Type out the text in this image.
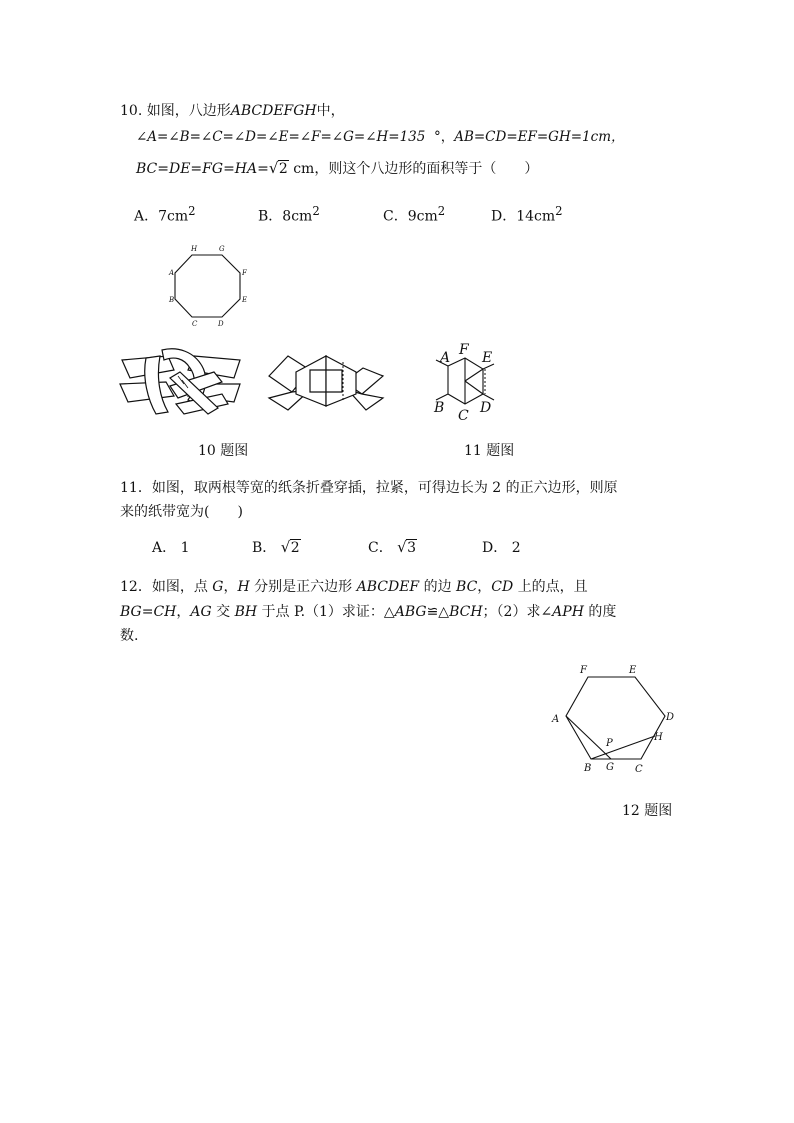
10. 如图，八边形ABCDEFGH中，
∠A=∠B=∠C=∠D=∠E=∠F=∠G=∠H=135 °，AB=CD=EF=GH=1cm，
BC=DE=FG=HA= √ 2 cm，则这个八边形的面积等于（　　）
A．$7cm^2$	B．$8cm^2$	C．$9cm^2$	D．$14cm^2$
H	G
A	F
B	E
C	D
A F E
B C D
10 题图	11 题图
11．如图，取两根等宽的纸条折叠穿插，拉紧，可得边长为 2 的正六边形，则原
来的纸带宽为(　　)
A． 1	B． √ 2	C． √ 3	D． 2
12．如图，点 G，H 分别是正六边形 ABCDEF 的边 BC，CD 上的点，且
BG=CH，AG 交 BH 于点 P.（1）求证：△ABG≌△BCH；（2）求∠APH 的度
数.
F	E
A	D
P
H
B G C
12 题图
